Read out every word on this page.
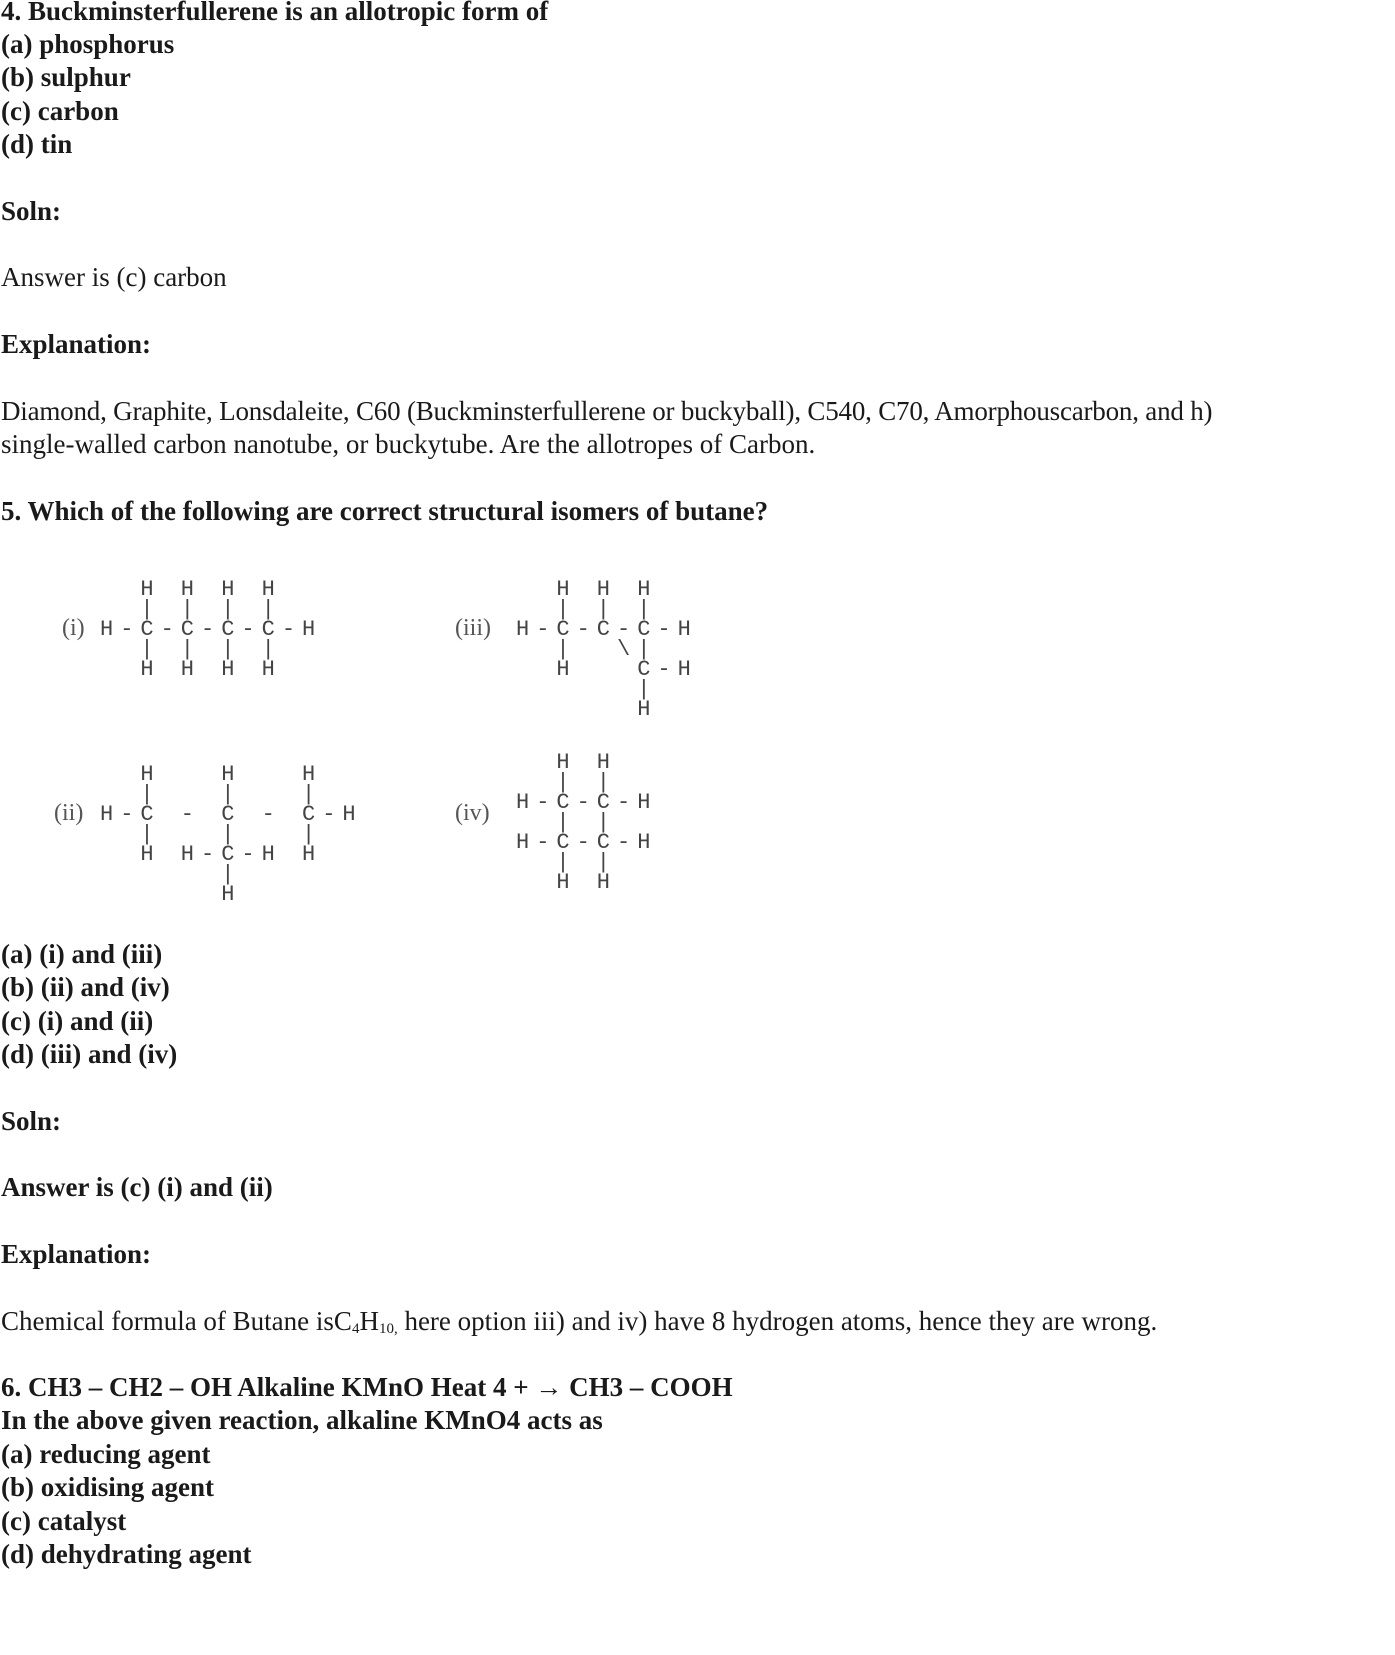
4. Buckminsterfullerene is an allotropic form of
(a) phosphorus
(b) sulphur
(c) carbon
(d) tin
Soln:
Answer is (c) carbon
Explanation:
Diamond, Graphite, Lonsdaleite, C60 (Buckminsterfullerene or buckyball), C540, C70, Amorphouscarbon, and h)
single-walled carbon nanotube, or buckytube. Are the allotropes of Carbon.
5. Which of the following are correct structural isomers of butane?
(i)
H H H H
| | | |
H-C-C-C-C-H
| | | |
H H H H
(iii)
H H H
| | |
H-C-C-C-H
|  \|
H   C-H
|
H
(ii)
H   H   H
|   |   |
H-C - C - C-H
|   |   |
H H-C-H H
|
H
(iv)
H H
| |
H-C-C-H
| |
H-C-C-H
| |
H H
(a) (i) and (iii)
(b) (ii) and (iv)
(c) (i) and (ii)
(d) (iii) and (iv)
Soln:
Answer is (c) (i) and (ii)
Explanation:
Chemical formula of Butane $isC_4H_{10,}$ here option iii) and iv) have 8 hydrogen atoms, hence they are wrong.
6. CH3 – CH2 – OH Alkaline KMnO Heat 4 + → CH3 – COOH
In the above given reaction, alkaline KMnO4 acts as
(a) reducing agent
(b) oxidising agent
(c) catalyst
(d) dehydrating agent
